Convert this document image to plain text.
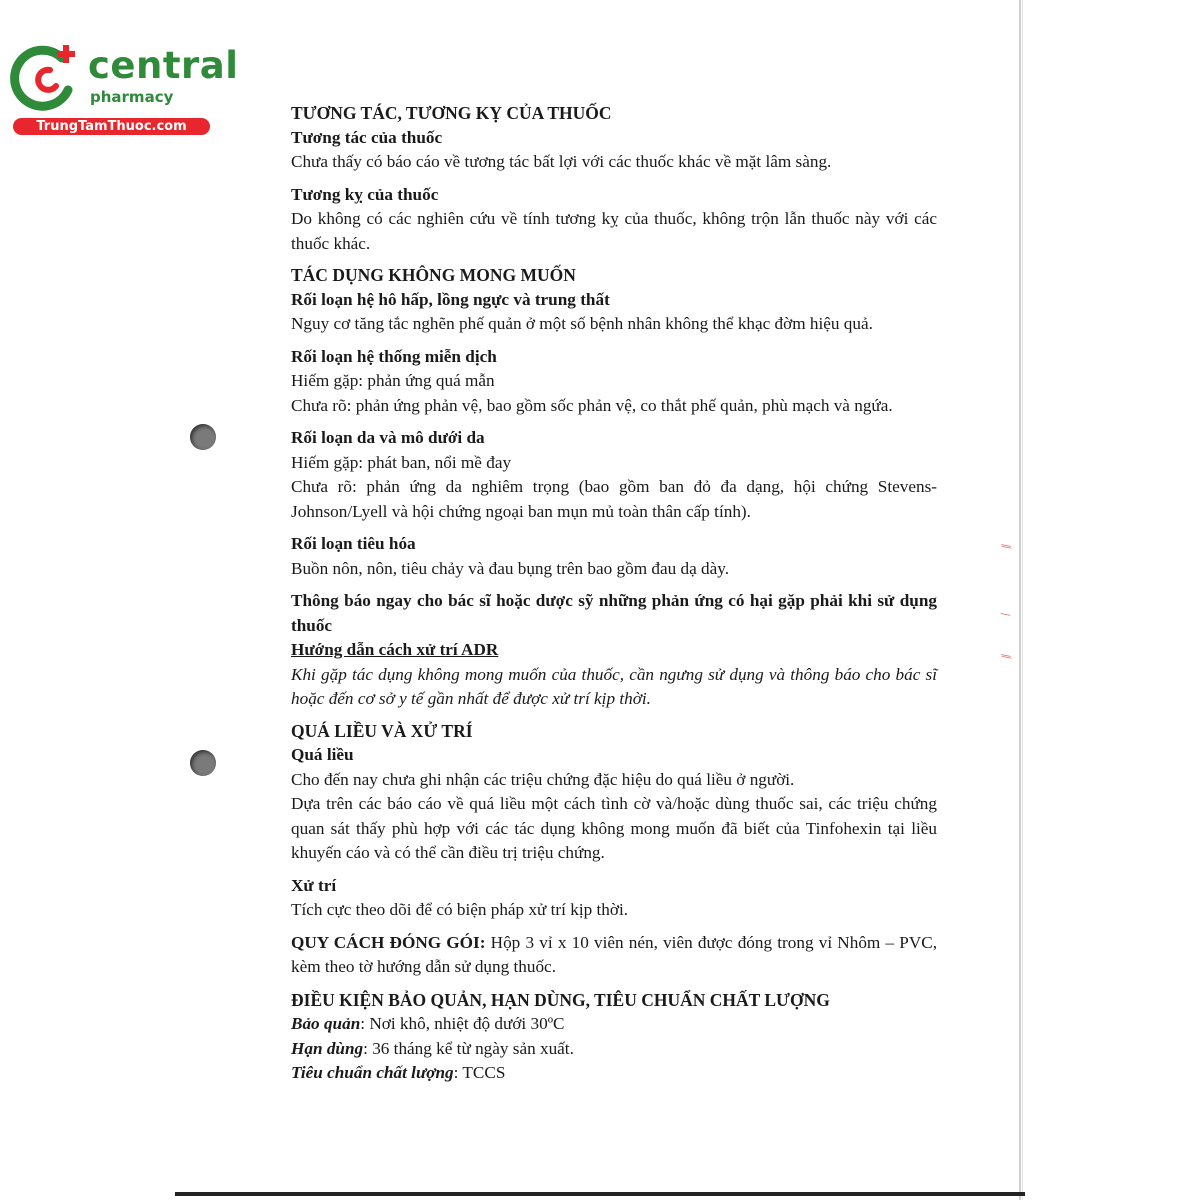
central
pharmacy
TrungTamThuoc.com
⁄⁄
⁄
⁄⁄
TƯƠNG TÁC, TƯƠNG KỴ CỦA THUỐC
Tương tác của thuốc
Chưa thấy có báo cáo về tương tác bất lợi với các thuốc khác về mặt lâm sàng.
Tương kỵ của thuốc
Do không có các nghiên cứu về tính tương kỵ của thuốc, không trộn lẫn thuốc này với các thuốc khác.
TÁC DỤNG KHÔNG MONG MUỐN
Rối loạn hệ hô hấp, lồng ngực và trung thất
Nguy cơ tăng tắc nghẽn phế quản ở một số bệnh nhân không thể khạc đờm hiệu quả.
Rối loạn hệ thống miễn dịch
Hiếm gặp: phản ứng quá mẫn
Chưa rõ: phản ứng phản vệ, bao gồm sốc phản vệ, co thắt phế quản, phù mạch và ngứa.
Rối loạn da và mô dưới da
Hiếm gặp: phát ban, nổi mề đay
Chưa rõ: phản ứng da nghiêm trọng (bao gồm ban đỏ đa dạng, hội chứng Stevens-Johnson/Lyell và hội chứng ngoại ban mụn mủ toàn thân cấp tính).
Rối loạn tiêu hóa
Buồn nôn, nôn, tiêu chảy và đau bụng trên bao gồm đau dạ dày.
Thông báo ngay cho bác sĩ hoặc dược sỹ những phản ứng có hại gặp phải khi sử dụng thuốc
Hướng dẫn cách xử trí ADR
Khi gặp tác dụng không mong muốn của thuốc, cần ngưng sử dụng và thông báo cho bác sĩ hoặc đến cơ sở y tế gần nhất để được xử trí kịp thời.
QUÁ LIỀU VÀ XỬ TRÍ
Quá liều
Cho đến nay chưa ghi nhận các triệu chứng đặc hiệu do quá liều ở người.
Dựa trên các báo cáo về quá liều một cách tình cờ và/hoặc dùng thuốc sai, các triệu chứng quan sát thấy phù hợp với các tác dụng không mong muốn đã biết của Tinfohexin tại liều khuyến cáo và có thể cần điều trị triệu chứng.
Xử trí
Tích cực theo dõi để có biện pháp xử trí kịp thời.
QUY CÁCH ĐÓNG GÓI: Hộp 3 vỉ x 10 viên nén, viên được đóng trong vỉ Nhôm – PVC, kèm theo tờ hướng dẫn sử dụng thuốc.
ĐIỀU KIỆN BẢO QUẢN, HẠN DÙNG, TIÊU CHUẨN CHẤT LƯỢNG
Bảo quản: Nơi khô, nhiệt độ dưới 30ºC
Hạn dùng: 36 tháng kể từ ngày sản xuất.
Tiêu chuẩn chất lượng: TCCS
